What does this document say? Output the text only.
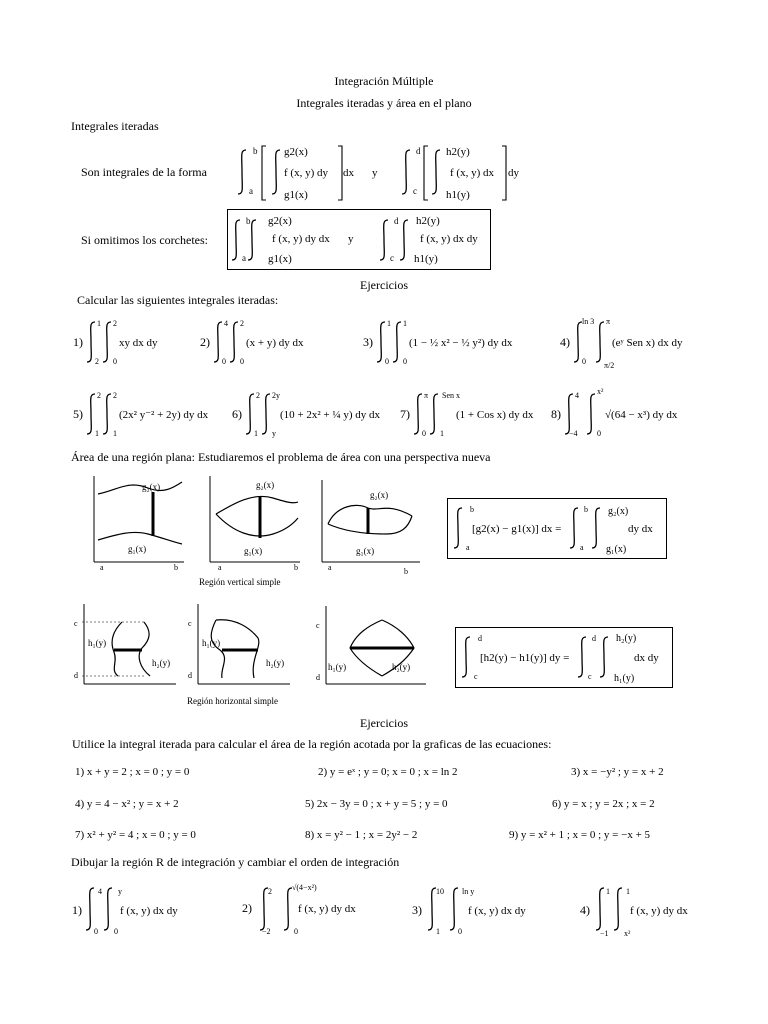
Integración Múltiple
Integrales iteradas y área en el plano
Integrales iteradas
Son integrales de la forma
b
a
g2(x)
f (x, y) dy
g1(x)
dx y
d
c
h2(y)
f (x, y) dx
h1(y)
dy
Si omitimos los corchetes:
b
a
g2(x)
f (x, y) dy dx
g1(x)
y
d
c
h2(y)
f (x, y) dx dy
h1(y)
Ejercicios
Calcular las siguientes integrales iteradas:
1)
1
2
2
0
xy dx dy	2)
4
0
2
0
(x + y) dy dx	3)
1
0
1
0
(1 − ½ x² − ½ y²) dy dx	4)
ln 3
0
π
π/2
(eʸ Sen x) dx dy
5)
2
1
2
1
(2x² y⁻² + 2y) dy dx 6)
2
1
2y
y
(10 + 2x² + ¼ y) dy dx 7)
π
0
Sen x
1
(1 + Cos x) dy dx 8)
4
−4
x²
0
√(64 − x³) dy dx
Área de una región plana: Estudiaremos el problema de área con una perspectiva nueva
g₂(x)
g₁(x)
a	b
g₂(x)
g₁(x)
a	b
Región vertical simple
g₂(x)
g₁(x)
a	b
b
a
[g2(x) − g1(x)] dx =
b
a
g₂(x)
dy dx
g₁(x)
c
d
h₁(y)
h₂(y)
c
d
h₁(y)
h₂(y)
Región horizontal simple
c
d
h₁(y)	h₂(y)
d
c
[h2(y) − h1(y)] dy =
d
c
h₂(y)
dx dy
h₁(y)
Ejercicios
Utilice la integral iterada para calcular el área de la región acotada por la graficas de las ecuaciones:
1) x + y = 2 ; x = 0 ; y = 0	2) y = eˣ ; y = 0; x = 0 ; x = ln 2	3) x = −y² ; y = x + 2
4) y = 4 − x² ; y = x + 2	5) 2x − 3y = 0 ; x + y = 5 ; y = 0	6) y = x ; y = 2x ; x = 2
7) x² + y² = 4 ; x = 0 ; y = 0	8) x = y² − 1 ; x = 2y² − 2	9) y = x² + 1 ; x = 0 ; y = −x + 5
Dibujar la región R de integración y cambiar el orden de integración
1)
4
0
y
0
f (x, y) dx dy	2)
2
−2
√(4−x²)
0
f (x, y) dy dx	3)
10
1
ln y
0
f (x, y) dx dy	4)
1
−1
1
x²
f (x, y) dy dx
